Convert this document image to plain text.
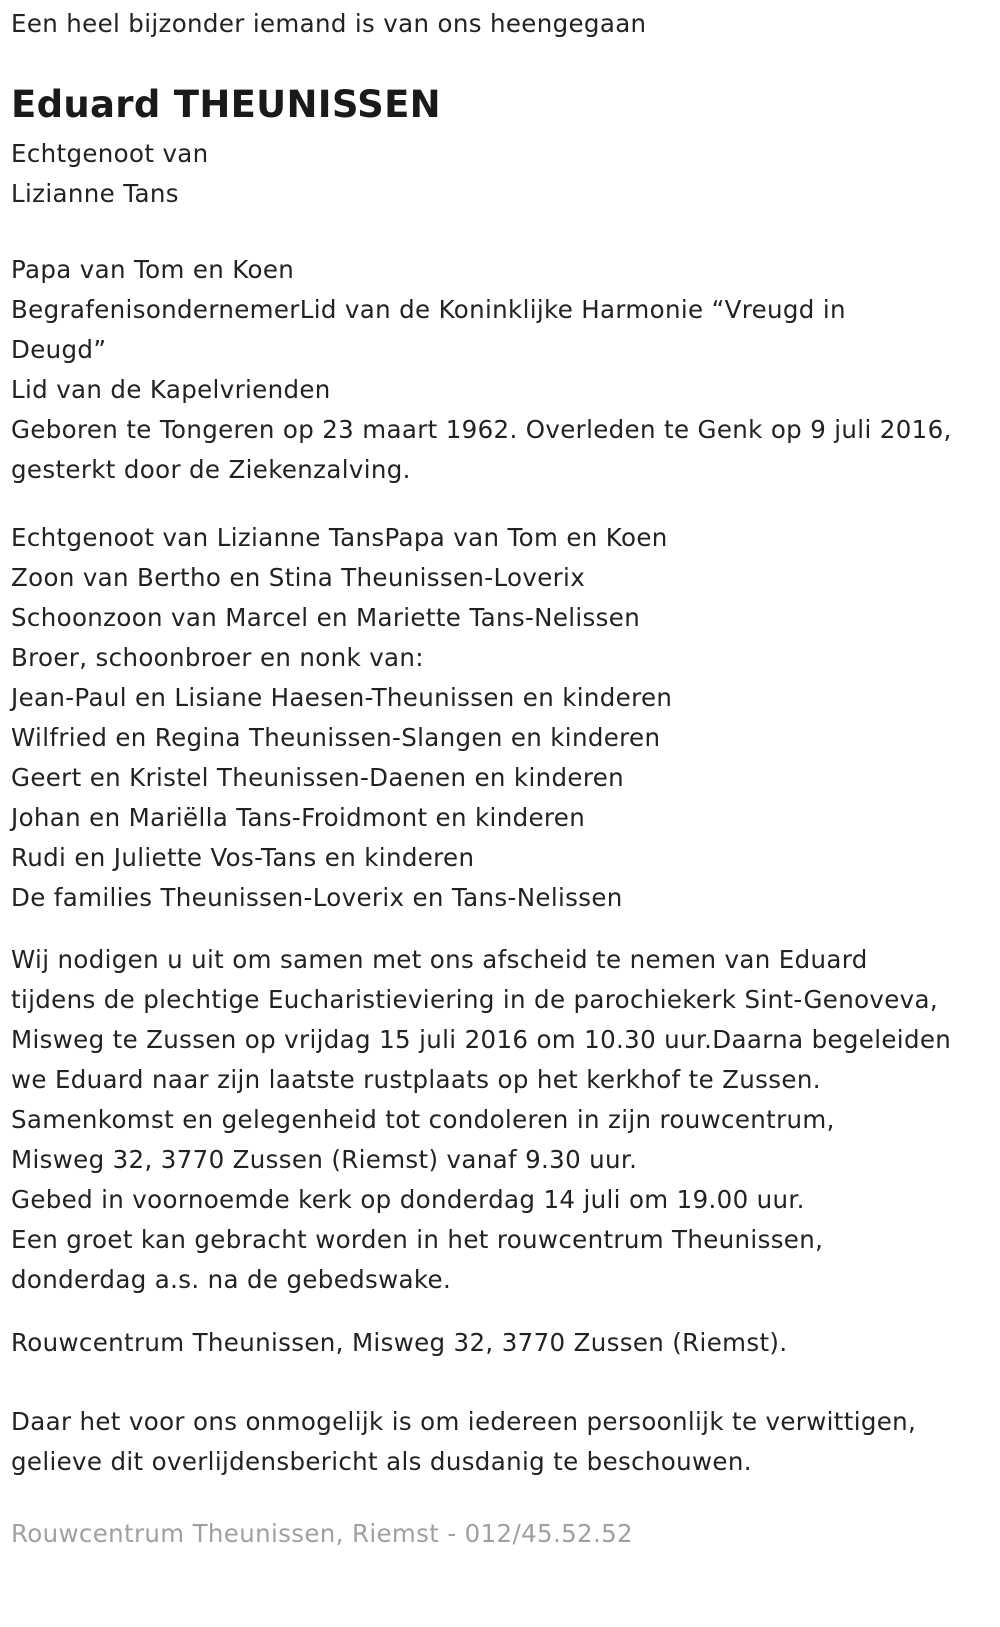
Een heel bijzonder iemand is van ons heengegaan
Eduard THEUNISSEN
Echtgenoot van
Lizianne Tans
Papa van Tom en Koen
BegrafenisondernemerLid van de Koninklijke Harmonie “Vreugd in
Deugd”
Lid van de Kapelvrienden
Geboren te Tongeren op 23 maart 1962. Overleden te Genk op 9 juli 2016,
gesterkt door de Ziekenzalving.
Echtgenoot van Lizianne TansPapa van Tom en Koen
Zoon van Bertho en Stina Theunissen-Loverix
Schoonzoon van Marcel en Mariette Tans-Nelissen
Broer, schoonbroer en nonk van:
Jean-Paul en Lisiane Haesen-Theunissen en kinderen
Wilfried en Regina Theunissen-Slangen en kinderen
Geert en Kristel Theunissen-Daenen en kinderen
Johan en Mariëlla Tans-Froidmont en kinderen
Rudi en Juliette Vos-Tans en kinderen
De families Theunissen-Loverix en Tans-Nelissen
Wij nodigen u uit om samen met ons afscheid te nemen van Eduard
tijdens de plechtige Eucharistieviering in de parochiekerk Sint-Genoveva,
Misweg te Zussen op vrijdag 15 juli 2016 om 10.30 uur.Daarna begeleiden
we Eduard naar zijn laatste rustplaats op het kerkhof te Zussen.
Samenkomst en gelegenheid tot condoleren in zijn rouwcentrum,
Misweg 32, 3770 Zussen (Riemst) vanaf 9.30 uur.
Gebed in voornoemde kerk op donderdag 14 juli om 19.00 uur.
Een groet kan gebracht worden in het rouwcentrum Theunissen,
donderdag a.s. na de gebedswake.
Rouwcentrum Theunissen, Misweg 32, 3770 Zussen (Riemst).
Daar het voor ons onmogelijk is om iedereen persoonlijk te verwittigen,
gelieve dit overlijdensbericht als dusdanig te beschouwen.
Rouwcentrum Theunissen, Riemst - 012/45.52.52
